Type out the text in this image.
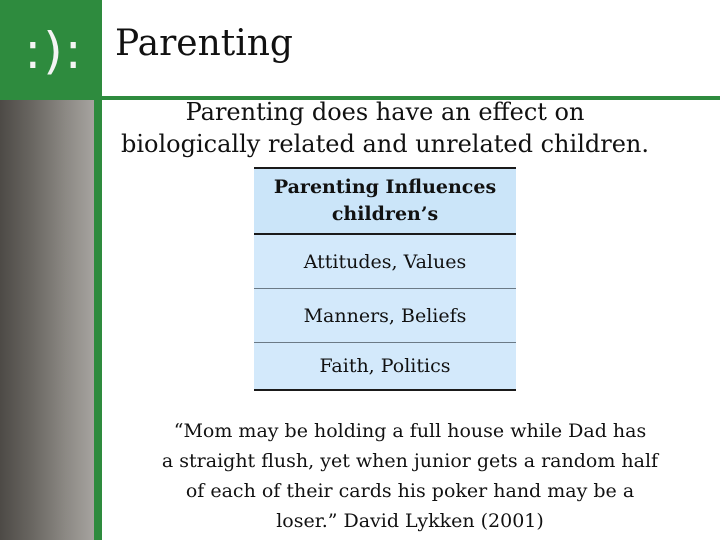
:): Parenting
Parenting does have an effect on
biologically related and unrelated children.
Parenting Influences
children’s
Attitudes, Values
Manners, Beliefs
Faith, Politics
“Mom may be holding a full house while Dad has
a straight flush, yet when junior gets a random half
of each of their cards his poker hand may be a
loser.” David Lykken (2001)
